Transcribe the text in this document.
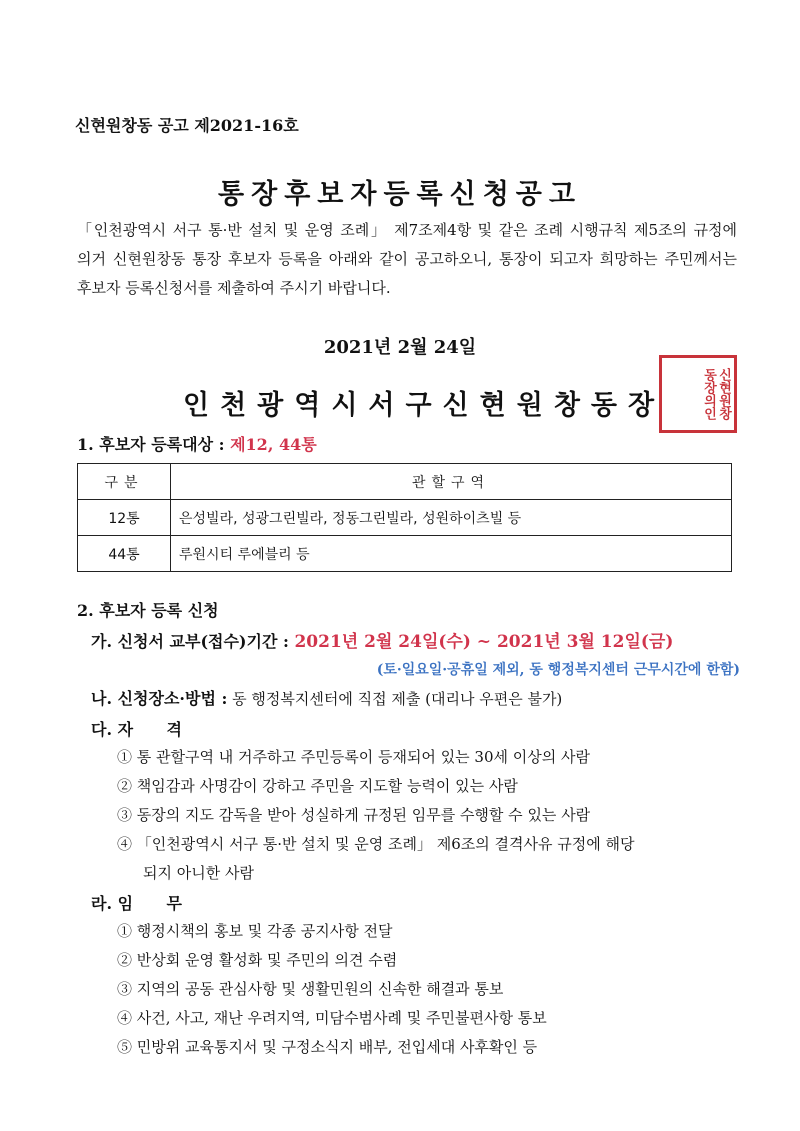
신현원창동 공고 제2021-16호
통장후보자등록신청공고
「인천광역시 서구 통·반 설치 및 운영 조례」 제7조제4항 및 같은 조례 시행규칙 제5조의 규정에 의거 신현원창동 통장 후보자 등록을 아래와 같이 공고하오니, 통장이 되고자 희망하는 주민께서는 후보자 등록신청서를 제출하여 주시기 바랍니다.
2021년 2월 24일
인천광역시서구신현원창동장	신현원창동장의인
1. 후보자 등록대상 : 제12, 44통
구분	관할구역
12통	은성빌라, 성광그린빌라, 정동그린빌라, 성원하이츠빌 등
44통	루원시티 루에블리 등
2. 후보자 등록 신청
가. 신청서 교부(접수)기간 : 2021년 2월 24일(수) ~ 2021년 3월 12일(금)
(토·일요일·공휴일 제외, 동 행정복지센터 근무시간에 한함)
나. 신청장소·방법 : 동 행정복지센터에 직접 제출 (대리나 우편은 불가)
다. 자      격
① 통 관할구역 내 거주하고 주민등록이 등재되어 있는 30세 이상의 사람
② 책임감과 사명감이 강하고 주민을 지도할 능력이 있는 사람
③ 동장의 지도 감독을 받아 성실하게 규정된 임무를 수행할 수 있는 사람
④ 「인천광역시 서구 통·반 설치 및 운영 조례」 제6조의 결격사유 규정에 해당
되지 아니한 사람
라. 임      무
① 행정시책의 홍보 및 각종 공지사항 전달
② 반상회 운영 활성화 및 주민의 의견 수렴
③ 지역의 공동 관심사항 및 생활민원의 신속한 해결과 통보
④ 사건, 사고, 재난 우려지역, 미담수범사례 및 주민불편사항 통보
⑤ 민방위 교육통지서 및 구정소식지 배부, 전입세대 사후확인 등
